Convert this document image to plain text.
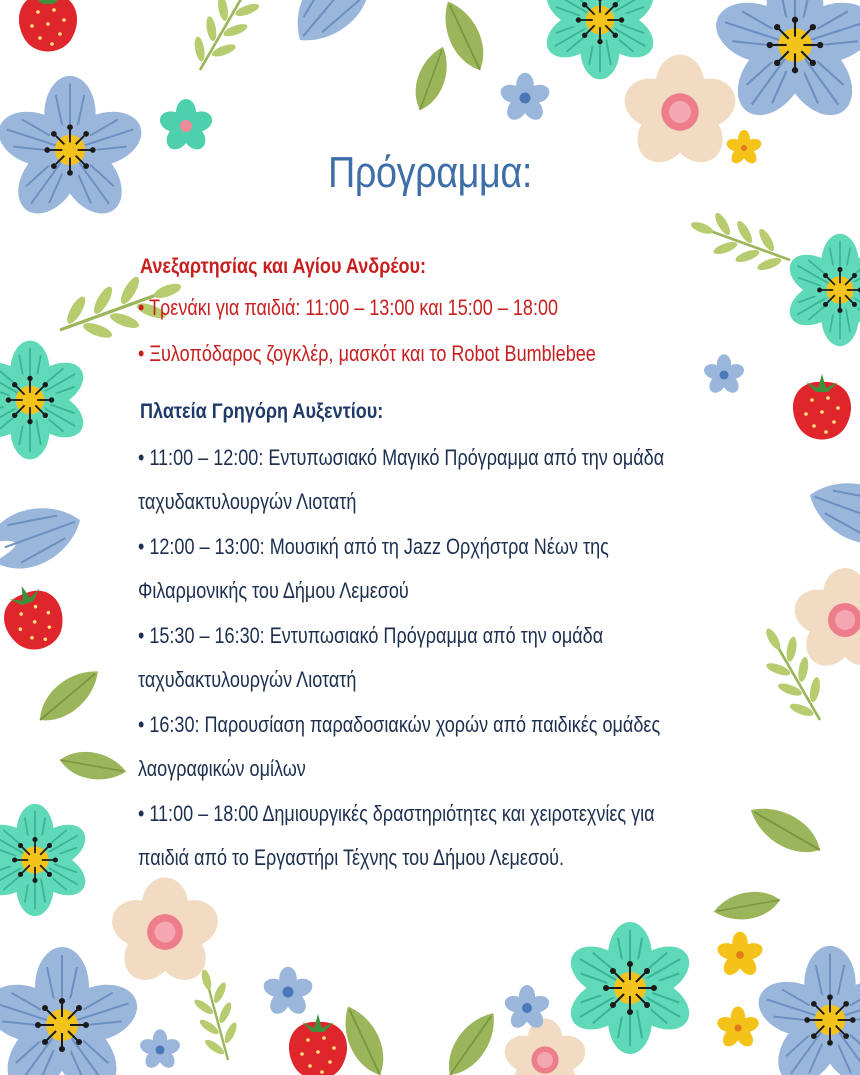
Πρόγραμμα:
Ανεξαρτησίας και Αγίου Ανδρέου:
• Τρενάκι για παιδιά: 11:00 – 13:00 και 15:00 – 18:00
• Ξυλοπόδαρος ζογκλέρ, μασκότ και το Robot Bumblebee
Πλατεία Γρηγόρη Αυξεντίου:
• 11:00 – 12:00: Εντυπωσιακό Μαγικό Πρόγραμμα από την ομάδα
ταχυδακτυλουργών Λιοτατή
• 12:00 – 13:00: Μουσική από τη Jazz Ορχήστρα Νέων της
Φιλαρμονικής του Δήμου Λεμεσού
• 15:30 – 16:30: Εντυπωσιακό Πρόγραμμα από την ομάδα
ταχυδακτυλουργών Λιοτατή
• 16:30: Παρουσίαση παραδοσιακών χορών από παιδικές ομάδες
λαογραφικών ομίλων
• 11:00 – 18:00 Δημιουργικές δραστηριότητες και χειροτεχνίες για
παιδιά από το Εργαστήρι Τέχνης του Δήμου Λεμεσού.
